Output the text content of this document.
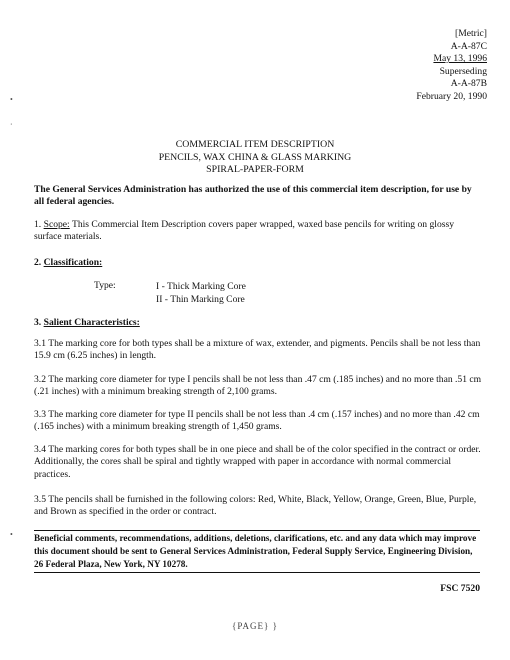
•
‧
•
[Metric]
A-A-87C
May 13, 1996
Superseding
A-A-87B
February 20, 1990
COMMERCIAL ITEM DESCRIPTION
PENCILS, WAX CHINA & GLASS MARKING
SPIRAL-PAPER-FORM
The General Services Administration has authorized the use of this commercial item description, for use by all federal agencies.
1. Scope: This Commercial Item Description covers paper wrapped, waxed base pencils for writing on glossy surface materials.
2. Classification:
Type:	I - Thick Marking Core
II - Thin Marking Core
3. Salient Characteristics:
3.1 The marking core for both types shall be a mixture of wax, extender, and pigments. Pencils shall be not less than 15.9 cm (6.25 inches) in length.
3.2 The marking core diameter for type I pencils shall be not less than .47 cm (.185 inches) and no more than .51 cm (.21 inches) with a minimum breaking strength of 2,100 grams.
3.3 The marking core diameter for type II pencils shall be not less than .4 cm (.157 inches) and no more than .42 cm (.165 inches) with a minimum breaking strength of 1,450 grams.
3.4 The marking cores for both types shall be in one piece and shall be of the color specified in the contract or order. Additionally, the cores shall be spiral and tightly wrapped with paper in accordance with normal commercial practices.
3.5 The pencils shall be furnished in the following colors: Red, White, Black, Yellow, Orange, Green, Blue, Purple, and Brown as specified in the order or contract.
Beneficial comments, recommendations, additions, deletions, clarifications, etc. and any data which may improve this document should be sent to General Services Administration, Federal Supply Service, Engineering Division, 26 Federal Plaza, New York, NY 10278.
FSC 7520
{PAGE} }
